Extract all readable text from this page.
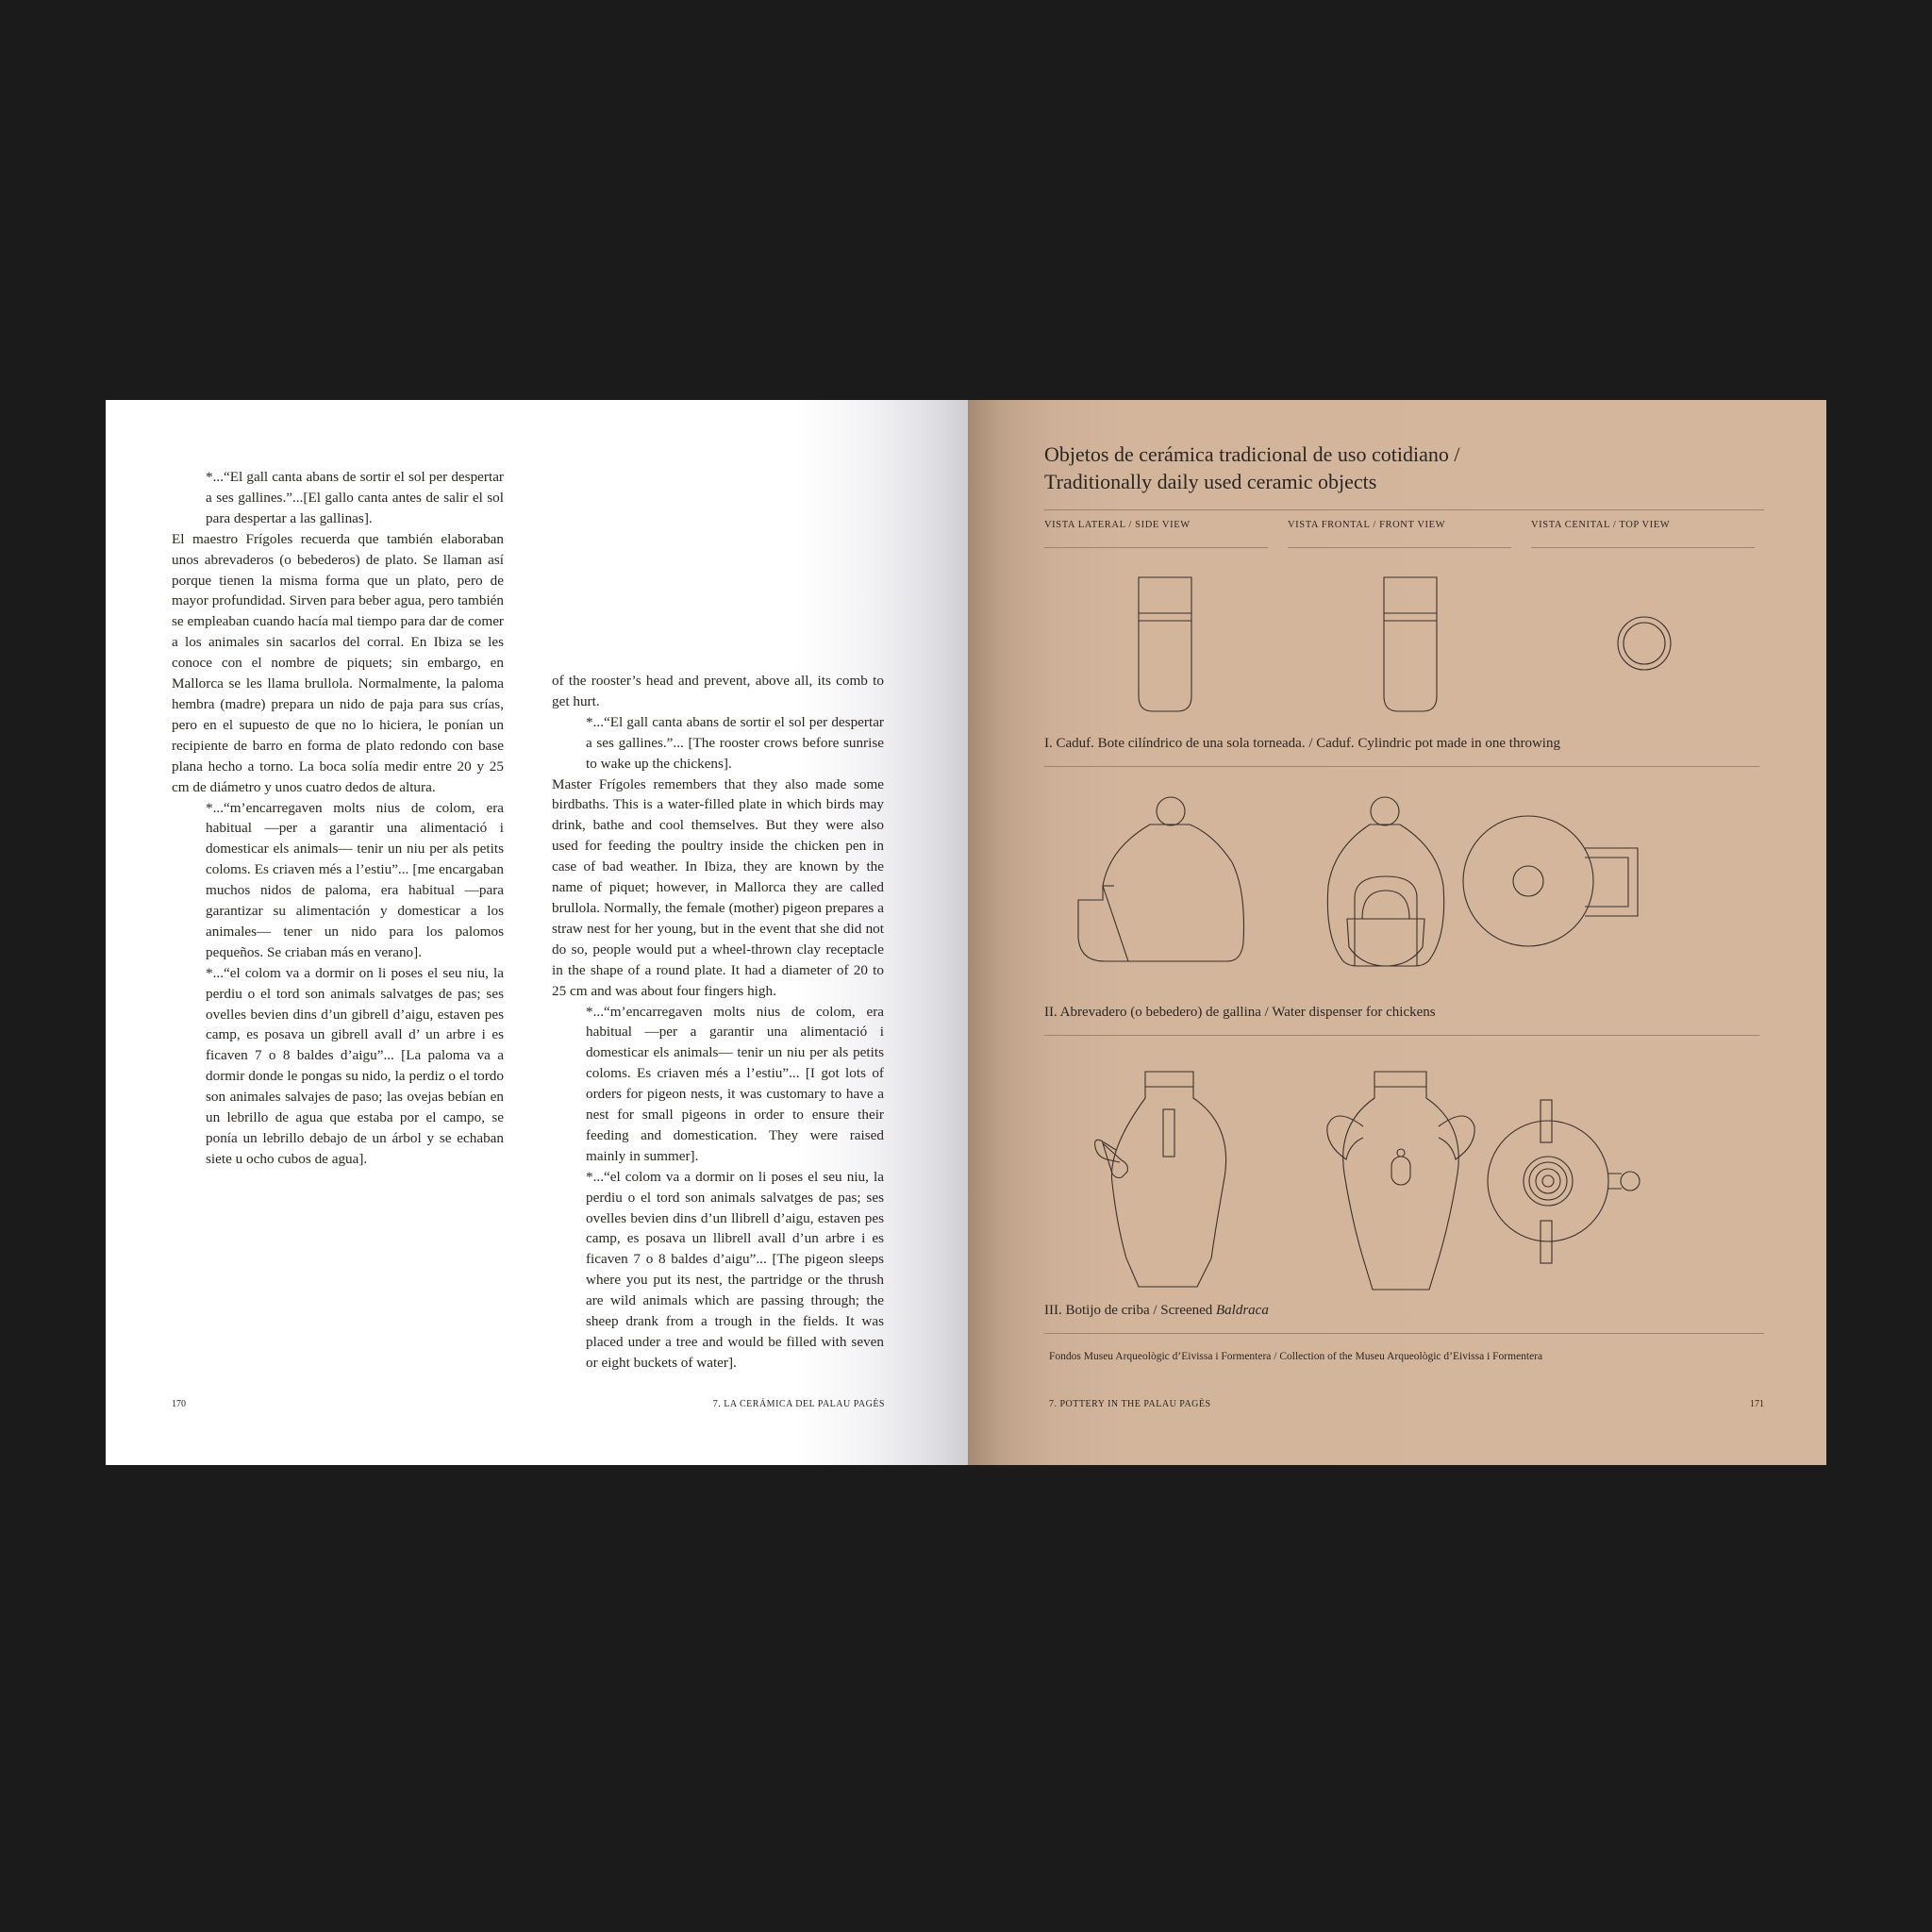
*...“El gall canta abans de sortir el sol per despertar a ses gallines.”...[El gallo canta antes de salir el sol para despertar a las gallinas].

El maestro Frígoles recuerda que también elaboraban unos abrevaderos (o bebederos) de plato. Se llaman así porque tienen la misma forma que un plato, pero de mayor profundidad. Sirven para beber agua, pero también se empleaban cuando hacía mal tiempo para dar de comer a los animales sin sacarlos del corral. En Ibiza se les conoce con el nombre de piquets; sin embargo, en Mallorca se les llama brullola. Normalmente, la paloma hembra (madre) prepara un nido de paja para sus crías, pero en el supuesto de que no lo hiciera, le ponían un recipiente de barro en forma de plato redondo con base plana hecho a torno. La boca solía medir entre 20 y 25 cm de diámetro y unos cuatro dedos de altura.

*...“m’encarregaven molts nius de colom, era habitual —per a garantir una alimentació i domesticar els animals— tenir un niu per als petits coloms. Es criaven més a l’estiu”... [me encargaban muchos nidos de paloma, era habitual —para garantizar su alimentación y domesticar a los animales— tener un nido para los palomos pequeños. Se criaban más en verano].

*...“el colom va a dormir on li poses el seu niu, la perdiu o el tord son animals salvatges de pas; ses ovelles bevien dins d’un gibrell d’aigu, estaven pes camp, es posava un gibrell avall d’ un arbre i es ficaven 7 o 8 baldes d’aigu”... [La paloma va a dormir donde le pongas su nido, la perdiz o el tordo son animales salvajes de paso; las ovejas bebían en un lebrillo de agua que estaba por el campo, se ponía un lebrillo debajo de un árbol y se echaban siete u ocho cubos de agua].

of the rooster’s head and prevent, above all, its comb to get hurt.

*...“El gall canta abans de sortir el sol per despertar a ses gallines.”... [The rooster crows before sunrise to wake up the chickens].

Master Frígoles remembers that they also made some birdbaths. This is a water-filled plate in which birds may drink, bathe and cool themselves. But they were also used for feeding the poultry inside the chicken pen in case of bad weather. In Ibiza, they are known by the name of piquet; however, in Mallorca they are called brullola. Normally, the female (mother) pigeon prepares a straw nest for her young, but in the event that she did not do so, people would put a wheel-thrown clay receptacle in the shape of a round plate. It had a diameter of 20 to 25 cm and was about four fingers high.

*...“m’encarregaven molts nius de colom, era habitual —per a garantir una alimentació i domesticar els animals— tenir un niu per als petits coloms. Es criaven més a l’estiu”... [I got lots of orders for pigeon nests, it was customary to have a nest for small pigeons in order to ensure their feeding and domestication. They were raised mainly in summer].

*...“el colom va a dormir on li poses el seu niu, la perdiu o el tord son animals salvatges de pas; ses ovelles bevien dins d’un llibrell d’aigu, estaven pes camp, es posava un llibrell avall d’un arbre i es ficaven 7 o 8 baldes d’aigu”... [The pigeon sleeps where you put its nest, the partridge or the thrush are wild animals which are passing through; the sheep drank from a trough in the fields. It was placed under a tree and would be filled with seven or eight buckets of water].

170	7. LA CERÁMICA DEL PALAU PAGÈS
Objetos de cerámica tradicional de uso cotidiano /
Traditionally daily used ceramic objects
VISTA LATERAL / SIDE VIEW	VISTA FRONTAL / FRONT VIEW	VISTA CENITAL / TOP VIEW
I. Caduf. Bote cilíndrico de una sola torneada. / Caduf. Cylindric pot made in one throwing
II. Abrevadero (o bebedero) de gallina / Water dispenser for chickens
III. Botijo de criba / Screened Baldraca
Fondos Museu Arqueològic d’Eivissa i Formentera / Collection of the Museu Arqueològic d’Eivissa i Formentera
7. POTTERY IN THE PALAU PAGÈS	171
